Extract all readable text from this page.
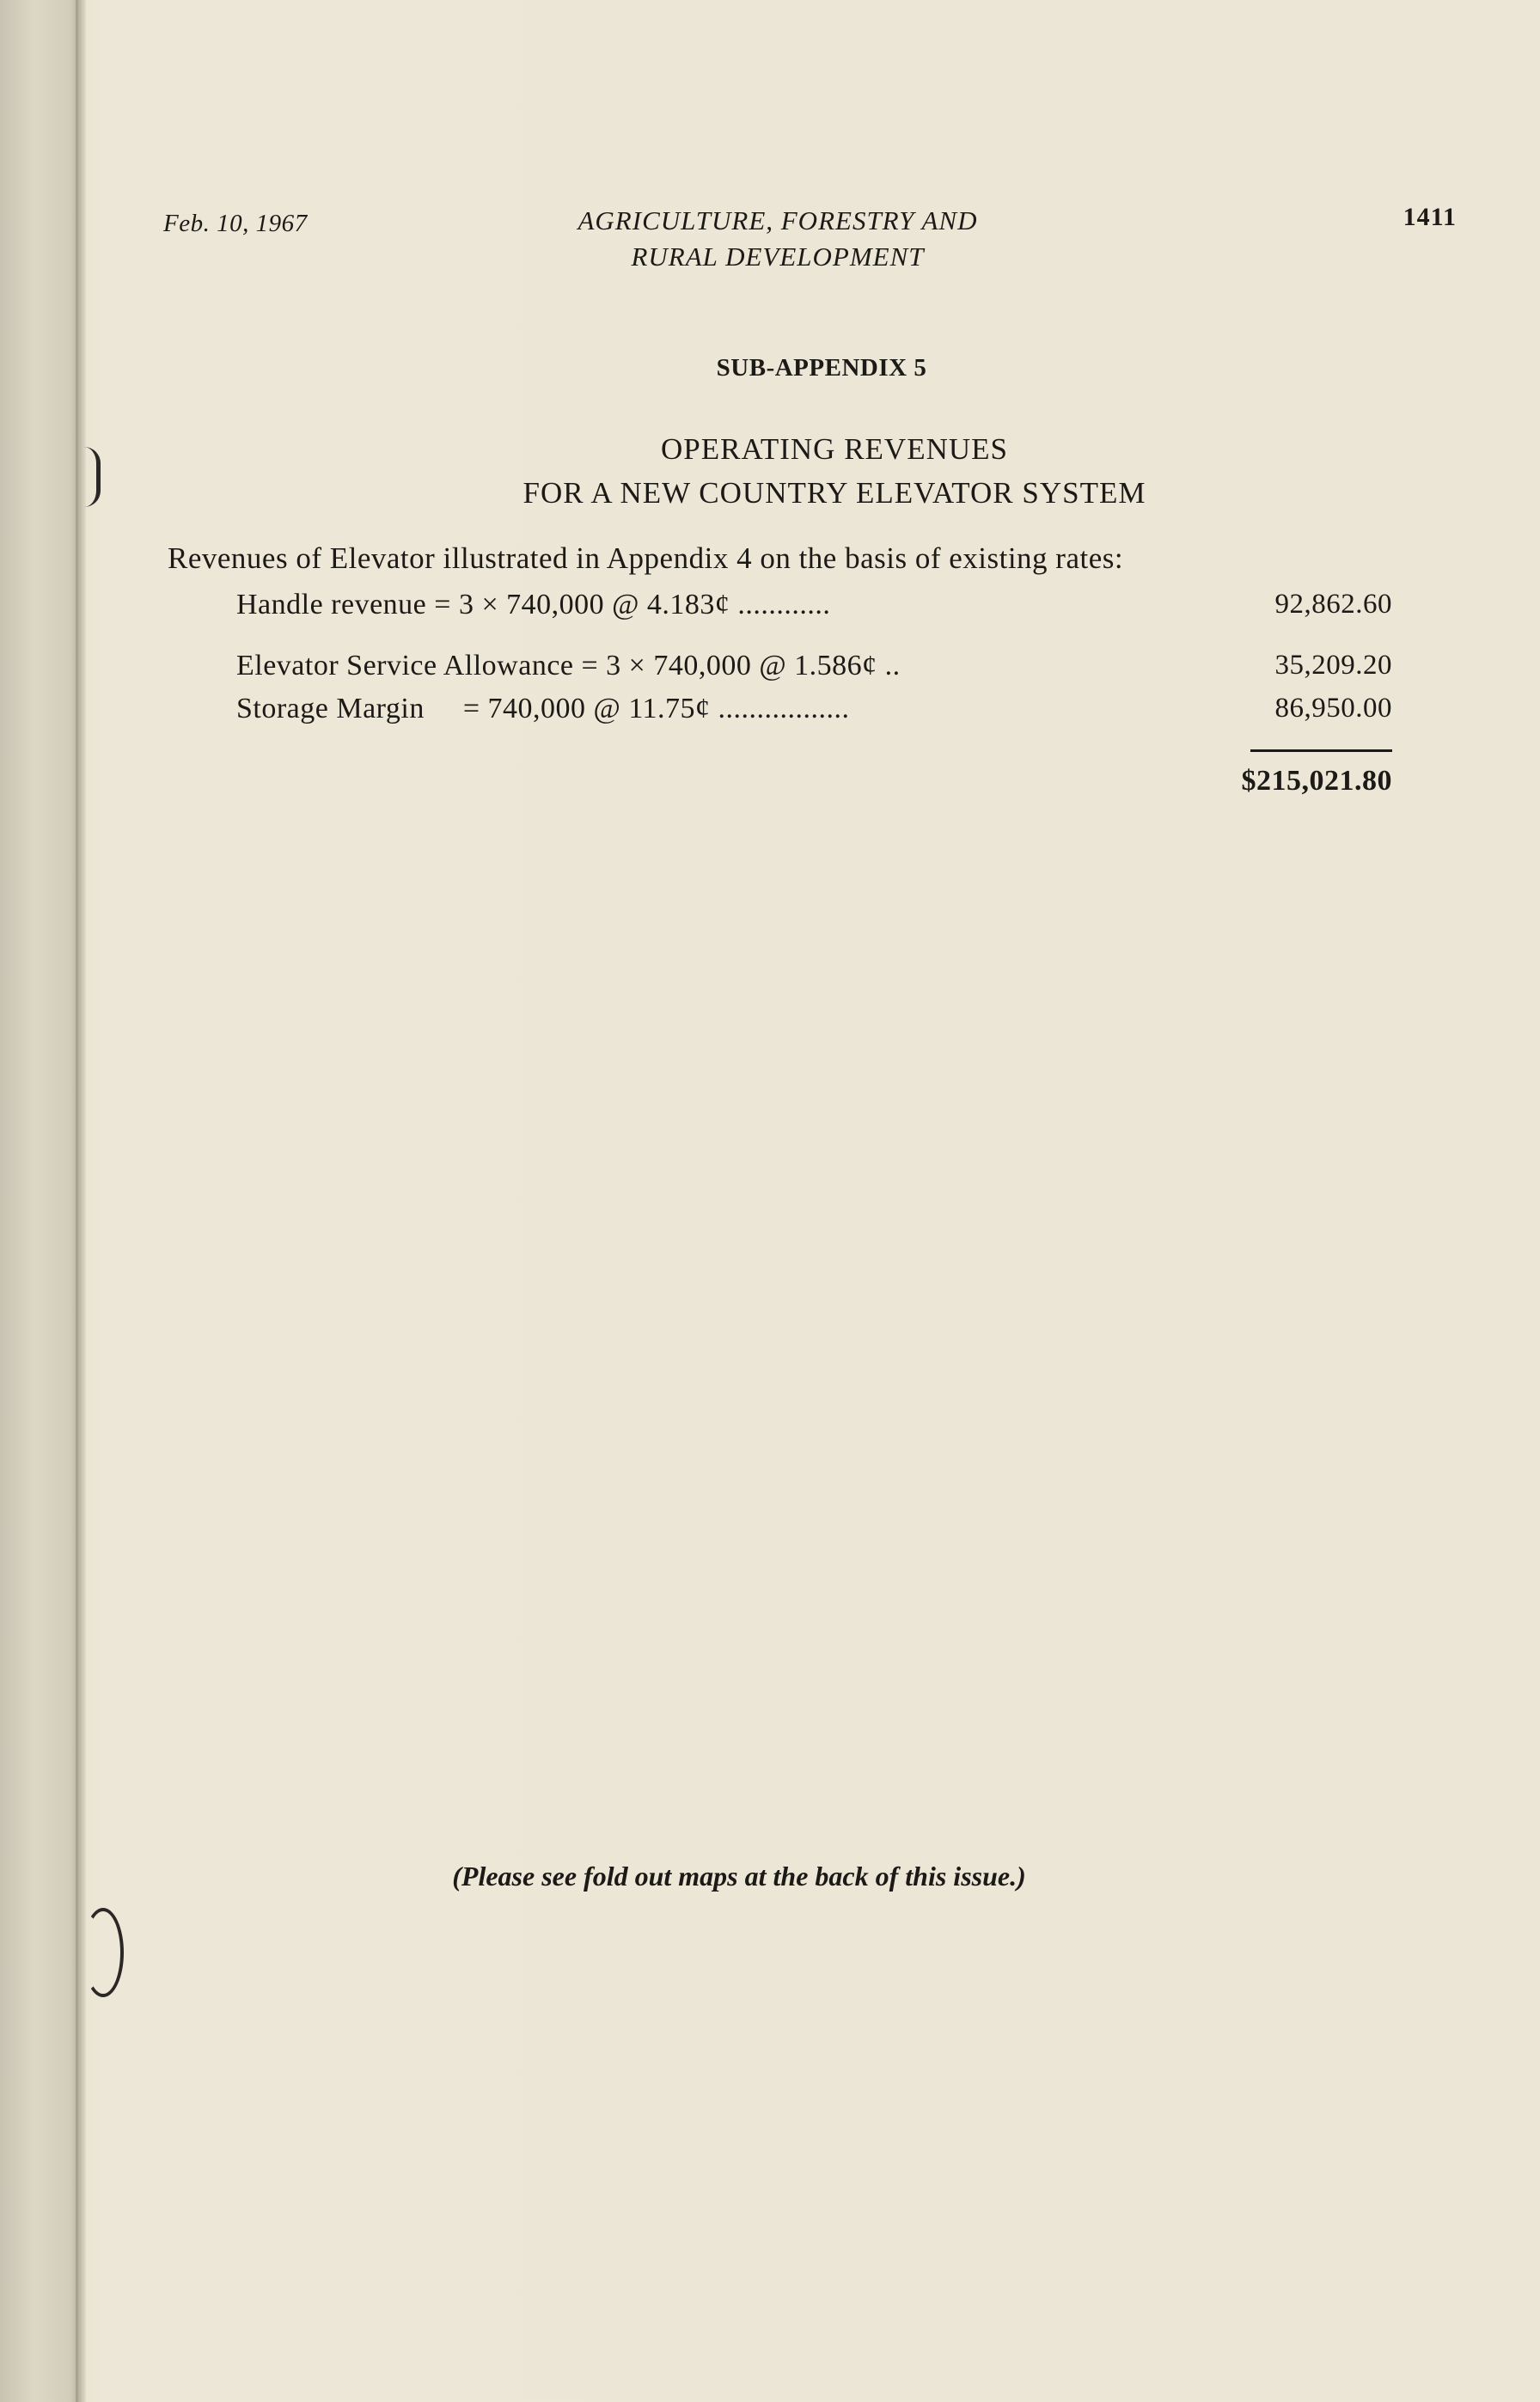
Feb. 10, 1967	AGRICULTURE, FORESTRY AND
RURAL DEVELOPMENT
1411
SUB-APPENDIX 5
OPERATING REVENUES
FOR A NEW COUNTRY ELEVATOR SYSTEM
Revenues of Elevator illustrated in Appendix 4 on the basis of existing rates:
Handle revenue = 3 × 740,000 @ 4.183¢ ............	92,862.60
Elevator Service Allowance = 3 × 740,000 @ 1.586¢ ..	35,209.20
Storage Margin     = 740,000 @ 11.75¢ .................	86,950.00
$215,021.80
(Please see fold out maps at the back of this issue.)
